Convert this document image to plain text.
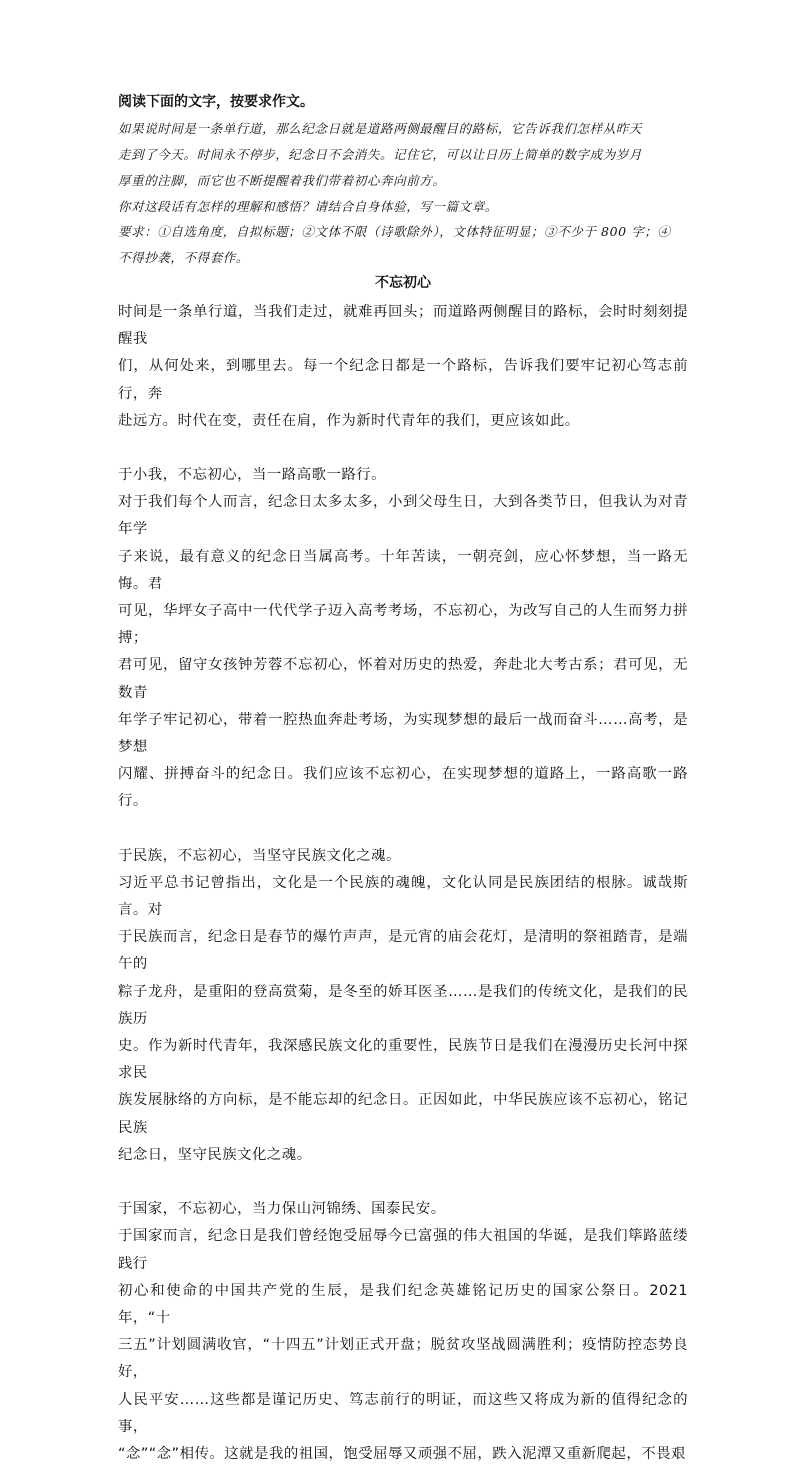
阅读下面的文字，按要求作文。

如果说时间是一条单行道，那么纪念日就是道路两侧最醒目的路标，它告诉我们怎样从昨天

走到了今天。时间永不停步，纪念日不会消失。记住它，可以让日历上简单的数字成为岁月

厚重的注脚，而它也不断提醒着我们带着初心奔向前方。

你对这段话有怎样的理解和感悟？请结合自身体验，写一篇文章。

要求：①自选角度，自拟标题；②文体不限（诗歌除外），文体特征明显；③不少于 800 字；④

不得抄袭，不得套作。

不忘初心

时间是一条单行道，当我们走过，就难再回头；而道路两侧醒目的路标，会时时刻刻提醒我

们，从何处来，到哪里去。每一个纪念日都是一个路标，告诉我们要牢记初心笃志前行，奔

赴远方。时代在变，责任在肩，作为新时代青年的我们，更应该如此。

于小我，不忘初心，当一路高歌一路行。

对于我们每个人而言，纪念日太多太多，小到父母生日，大到各类节日，但我认为对青年学

子来说，最有意义的纪念日当属高考。十年苦读，一朝亮剑，应心怀梦想，当一路无悔。君

可见，华坪女子高中一代代学子迈入高考考场，不忘初心，为改写自己的人生而努力拼搏；

君可见，留守女孩钟芳蓉不忘初心，怀着对历史的热爱，奔赴北大考古系；君可见，无数青

年学子牢记初心，带着一腔热血奔赴考场，为实现梦想的最后一战而奋斗……高考，是梦想

闪耀、拼搏奋斗的纪念日。我们应该不忘初心，在实现梦想的道路上，一路高歌一路行。

于民族，不忘初心，当坚守民族文化之魂。

习近平总书记曾指出，文化是一个民族的魂魄，文化认同是民族团结的根脉。诚哉斯言。对

于民族而言，纪念日是春节的爆竹声声，是元宵的庙会花灯，是清明的祭祖踏青，是端午的

粽子龙舟，是重阳的登高赏菊，是冬至的娇耳医圣……是我们的传统文化，是我们的民族历

史。作为新时代青年，我深感民族文化的重要性，民族节日是我们在漫漫历史长河中探求民

族发展脉络的方向标，是不能忘却的纪念日。正因如此，中华民族应该不忘初心，铭记民族

纪念日，坚守民族文化之魂。

于国家，不忘初心，当力保山河锦绣、国泰民安。

于国家而言，纪念日是我们曾经饱受屈辱今已富强的伟大祖国的华诞，是我们筚路蓝缕践行

初心和使命的中国共产党的生辰，是我们纪念英雄铭记历史的国家公祭日。2021 年，“十

三五”计划圆满收官，“十四五”计划正式开盘；脱贫攻坚战圆满胜利；疫情防控态势良好，

人民平安……这些都是谨记历史、笃志前行的明证，而这些又将成为新的值得纪念的事，

“念”“念”相传。这就是我的祖国，饱受屈辱又顽强不屈，跌入泥潭又重新爬起，不畏艰
